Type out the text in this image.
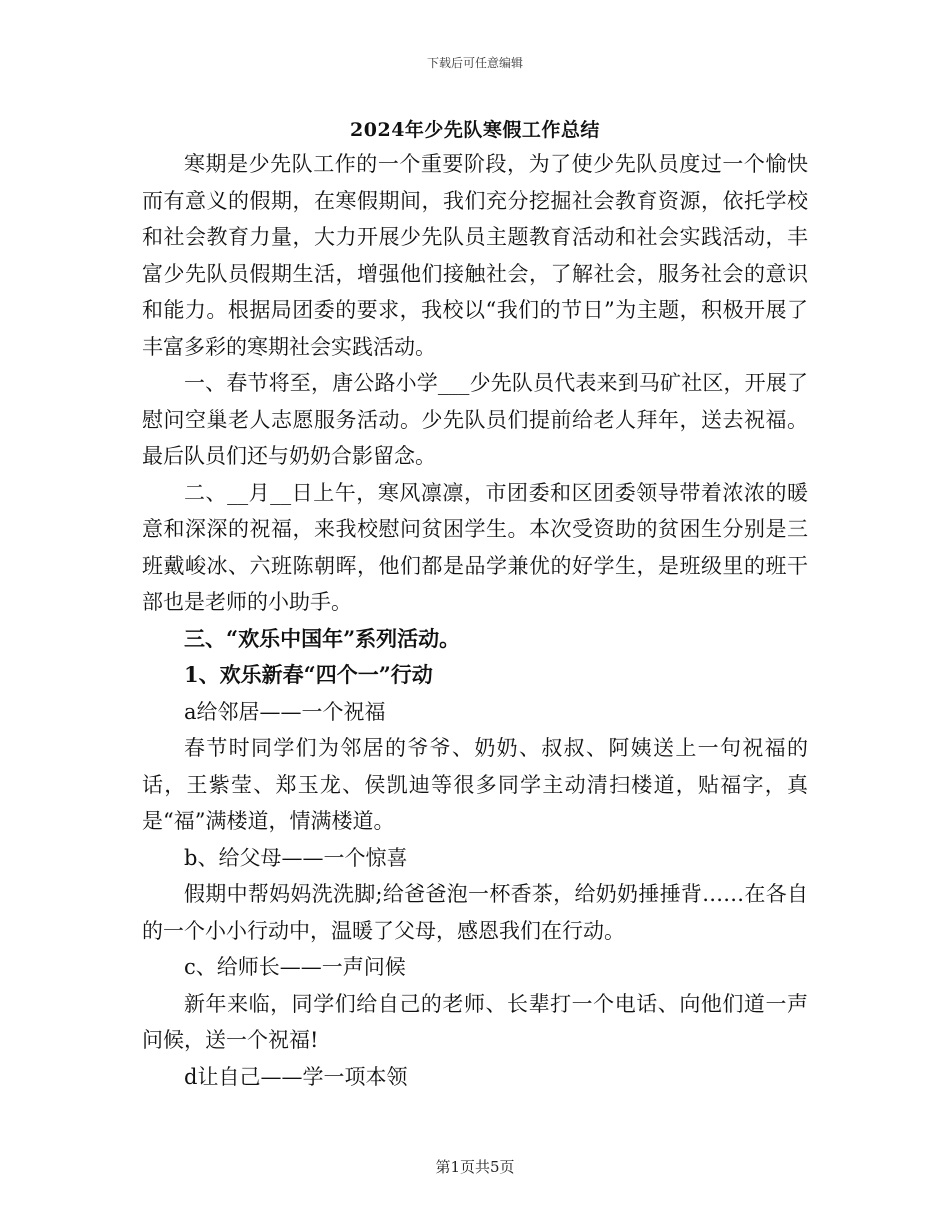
下载后可任意编辑
2024年少先队寒假工作总结

寒期是少先队工作的一个重要阶段，为了使少先队员度过一个愉快而有意义的假期，在寒假期间，我们充分挖掘社会教育资源，依托学校和社会教育力量，大力开展少先队员主题教育活动和社会实践活动，丰富少先队员假期生活，增强他们接触社会，了解社会，服务社会的意识和能力。根据局团委的要求，我校以“我们的节日”为主题，积极开展了丰富多彩的寒期社会实践活动。

一、春节将至，唐公路小学___少先队员代表来到马矿社区，开展了慰问空巢老人志愿服务活动。少先队员们提前给老人拜年，送去祝福。最后队员们还与奶奶合影留念。

二、__月__日上午，寒风凛凛，市团委和区团委领导带着浓浓的暖意和深深的祝福，来我校慰问贫困学生。本次受资助的贫困生分别是三班戴峻冰、六班陈朝晖，他们都是品学兼优的好学生，是班级里的班干部也是老师的小助手。

三、“欢乐中国年”系列活动。

1、欢乐新春“四个一”行动

a给邻居——一个祝福

春节时同学们为邻居的爷爷、奶奶、叔叔、阿姨送上一句祝福的话，王紫莹、郑玉龙、侯凯迪等很多同学主动清扫楼道，贴福字，真是“福”满楼道，情满楼道。

b、给父母——一个惊喜

假期中帮妈妈洗洗脚;给爸爸泡一杯香茶，给奶奶捶捶背……在各自的一个小小行动中，温暖了父母，感恩我们在行动。

c、给师长——一声问候

新年来临，同学们给自己的老师、长辈打一个电话、向他们道一声问候，送一个祝福!

d让自己——学一项本领

第1页共5页
